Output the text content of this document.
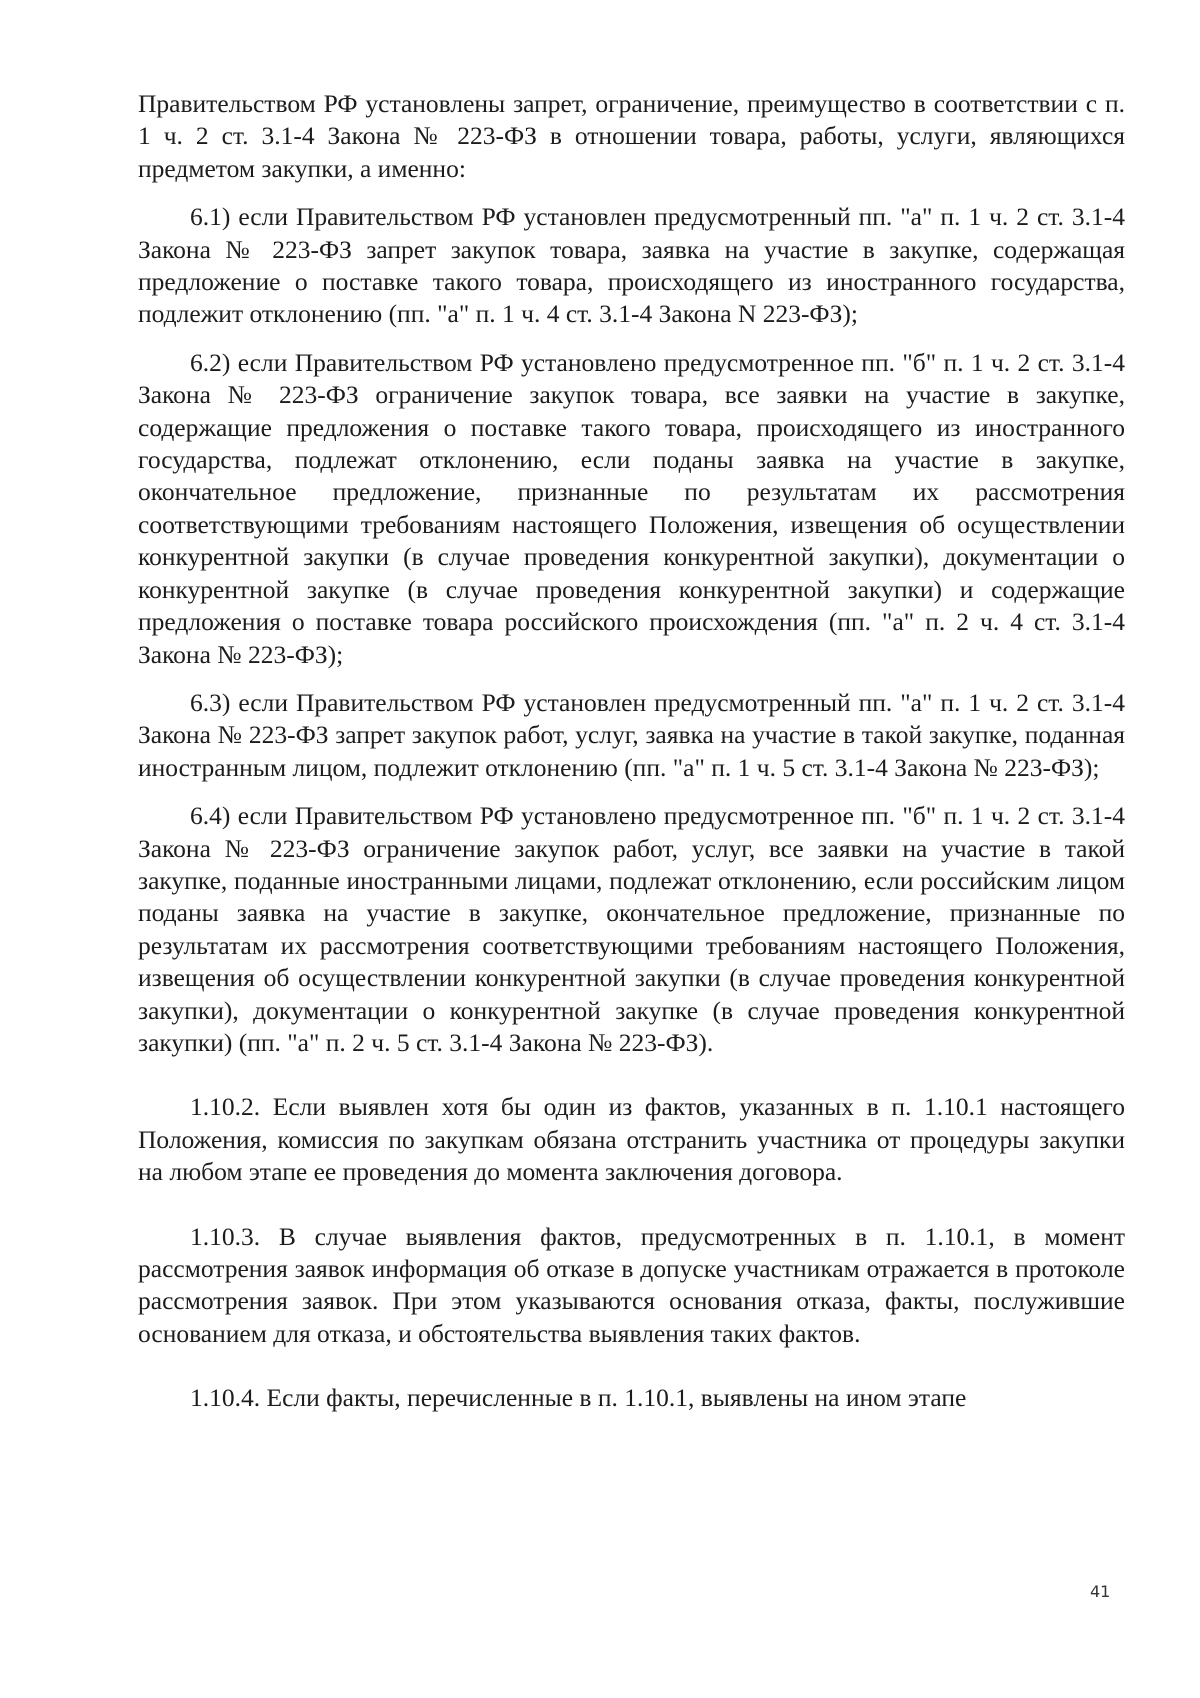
Правительством РФ установлены запрет, ограничение, преимущество в соответствии с п. 1 ч. 2 ст. 3.1-4 Закона № 223-ФЗ в отношении товара, работы, услуги, являющихся предметом закупки, а именно:

6.1) если Правительством РФ установлен предусмотренный пп. "а" п. 1 ч. 2 ст. 3.1-4 Закона № 223-ФЗ запрет закупок товара, заявка на участие в закупке, содержащая предложение о поставке такого товара, происходящего из иностранного государства, подлежит отклонению (пп. "а" п. 1 ч. 4 ст. 3.1-4 Закона N 223-ФЗ);

6.2) если Правительством РФ установлено предусмотренное пп. "б" п. 1 ч. 2 ст. 3.1-4 Закона № 223-ФЗ ограничение закупок товара, все заявки на участие в закупке, содержащие предложения о поставке такого товара, происходящего из иностранного государства, подлежат отклонению, если поданы заявка на участие в закупке, окончательное предложение, признанные по результатам их рассмотрения соответствующими требованиям настоящего Положения, извещения об осуществлении конкурентной закупки (в случае проведения конкурентной закупки), документации о конкурентной закупке (в случае проведения конкурентной закупки) и содержащие предложения о поставке товара российского происхождения (пп. "а" п. 2 ч. 4 ст. 3.1-4 Закона № 223-ФЗ);

6.3) если Правительством РФ установлен предусмотренный пп. "а" п. 1 ч. 2 ст. 3.1-4 Закона № 223-ФЗ запрет закупок работ, услуг, заявка на участие в такой закупке, поданная иностранным лицом, подлежит отклонению (пп. "а" п. 1 ч. 5 ст. 3.1-4 Закона № 223-ФЗ);

6.4) если Правительством РФ установлено предусмотренное пп. "б" п. 1 ч. 2 ст. 3.1-4 Закона № 223-ФЗ ограничение закупок работ, услуг, все заявки на участие в такой закупке, поданные иностранными лицами, подлежат отклонению, если российским лицом поданы заявка на участие в закупке, окончательное предложение, признанные по результатам их рассмотрения соответствующими требованиям настоящего Положения, извещения об осуществлении конкурентной закупки (в случае проведения конкурентной закупки), документации о конкурентной закупке (в случае проведения конкурентной закупки) (пп. "а" п. 2 ч. 5 ст. 3.1-4 Закона № 223-ФЗ).

1.10.2. Если выявлен хотя бы один из фактов, указанных в п. 1.10.1 настоящего Положения, комиссия по закупкам обязана отстранить участника от процедуры закупки на любом этапе ее проведения до момента заключения договора.

1.10.3. В случае выявления фактов, предусмотренных в п. 1.10.1, в момент рассмотрения заявок информация об отказе в допуске участникам отражается в протоколе рассмотрения заявок. При этом указываются основания отказа, факты, послужившие основанием для отказа, и обстоятельства выявления таких фактов.

1.10.4. Если факты, перечисленные в п. 1.10.1, выявлены на ином этапе

41
